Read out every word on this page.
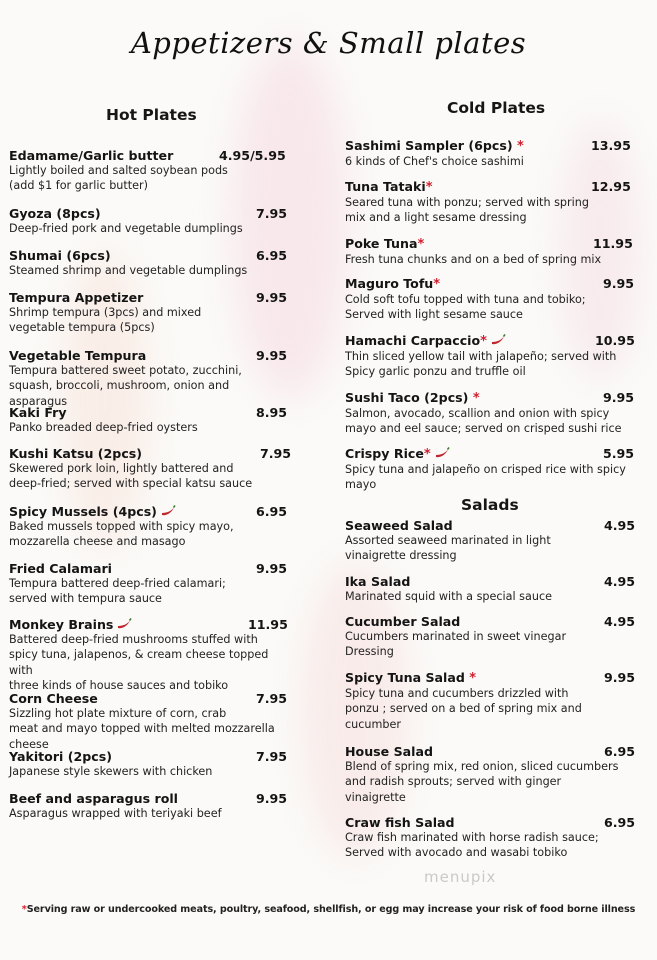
Appetizers & Small plates
Hot Plates
Edamame/Garlic butter	4.95/5.95
Lightly boiled and salted soybean pods
(add $1 for garlic butter)
Gyoza (8pcs)	7.95
Deep-fried pork and vegetable dumplings
Shumai (6pcs)	6.95
Steamed shrimp and vegetable dumplings
Tempura Appetizer	9.95
Shrimp tempura (3pcs) and mixed
vegetable tempura (5pcs)
Vegetable Tempura	9.95
Tempura battered sweet potato, zucchini,
squash, broccoli, mushroom, onion and asparagus
Kaki Fry	8.95
Panko breaded deep-fried oysters
Kushi Katsu (2pcs)	7.95
Skewered pork loin, lightly battered and
deep-fried; served with special katsu sauce
Spicy Mussels (4pcs)	6.95
Baked mussels topped with spicy mayo,
mozzarella cheese and masago
Fried Calamari	9.95
Tempura battered deep-fried calamari;
served with tempura sauce
Monkey Brains	11.95
Battered deep-fried mushrooms stuffed with
spicy tuna, jalapenos, & cream cheese topped with
three kinds of house sauces and tobiko
Corn Cheese	7.95
Sizzling hot plate mixture of corn, crab
meat and mayo topped with melted mozzarella cheese
Yakitori (2pcs)	7.95
Japanese style skewers with chicken
Beef and asparagus roll	9.95
Asparagus wrapped with teriyaki beef
Cold Plates
Sashimi Sampler (6pcs) *	13.95
6 kinds of Chef's choice sashimi
Tuna Tataki*	12.95
Seared tuna with ponzu; served with spring
mix and a light sesame dressing
Poke Tuna*	11.95
Fresh tuna chunks and on a bed of spring mix
Maguro Tofu*	9.95
Cold soft tofu topped with tuna and tobiko;
Served with light sesame sauce
Hamachi Carpaccio*	10.95
Thin sliced yellow tail with jalapeño; served with
Spicy garlic ponzu and truffle oil
Sushi Taco (2pcs) *	9.95
Salmon, avocado, scallion and onion with spicy
mayo and eel sauce; served on crisped sushi rice
Crispy Rice*	5.95
Spicy tuna and jalapeño on crisped rice with spicy
mayo
Salads
Seaweed Salad	4.95
Assorted seaweed marinated in light
vinaigrette dressing
Ika Salad	4.95
Marinated squid with a special sauce
Cucumber Salad	4.95
Cucumbers marinated in sweet vinegar
Dressing
Spicy Tuna Salad *	9.95
Spicy tuna and cucumbers drizzled with
ponzu ; served on a bed of spring mix and
cucumber
House Salad	6.95
Blend of spring mix, red onion, sliced cucumbers
and radish sprouts; served with ginger
vinaigrette
Craw fish Salad	6.95
Craw fish marinated with horse radish sauce;
Served with avocado and wasabi tobiko
menupix
*Serving raw or undercooked meats, poultry, seafood, shellfish, or egg may increase your risk of food borne illness
